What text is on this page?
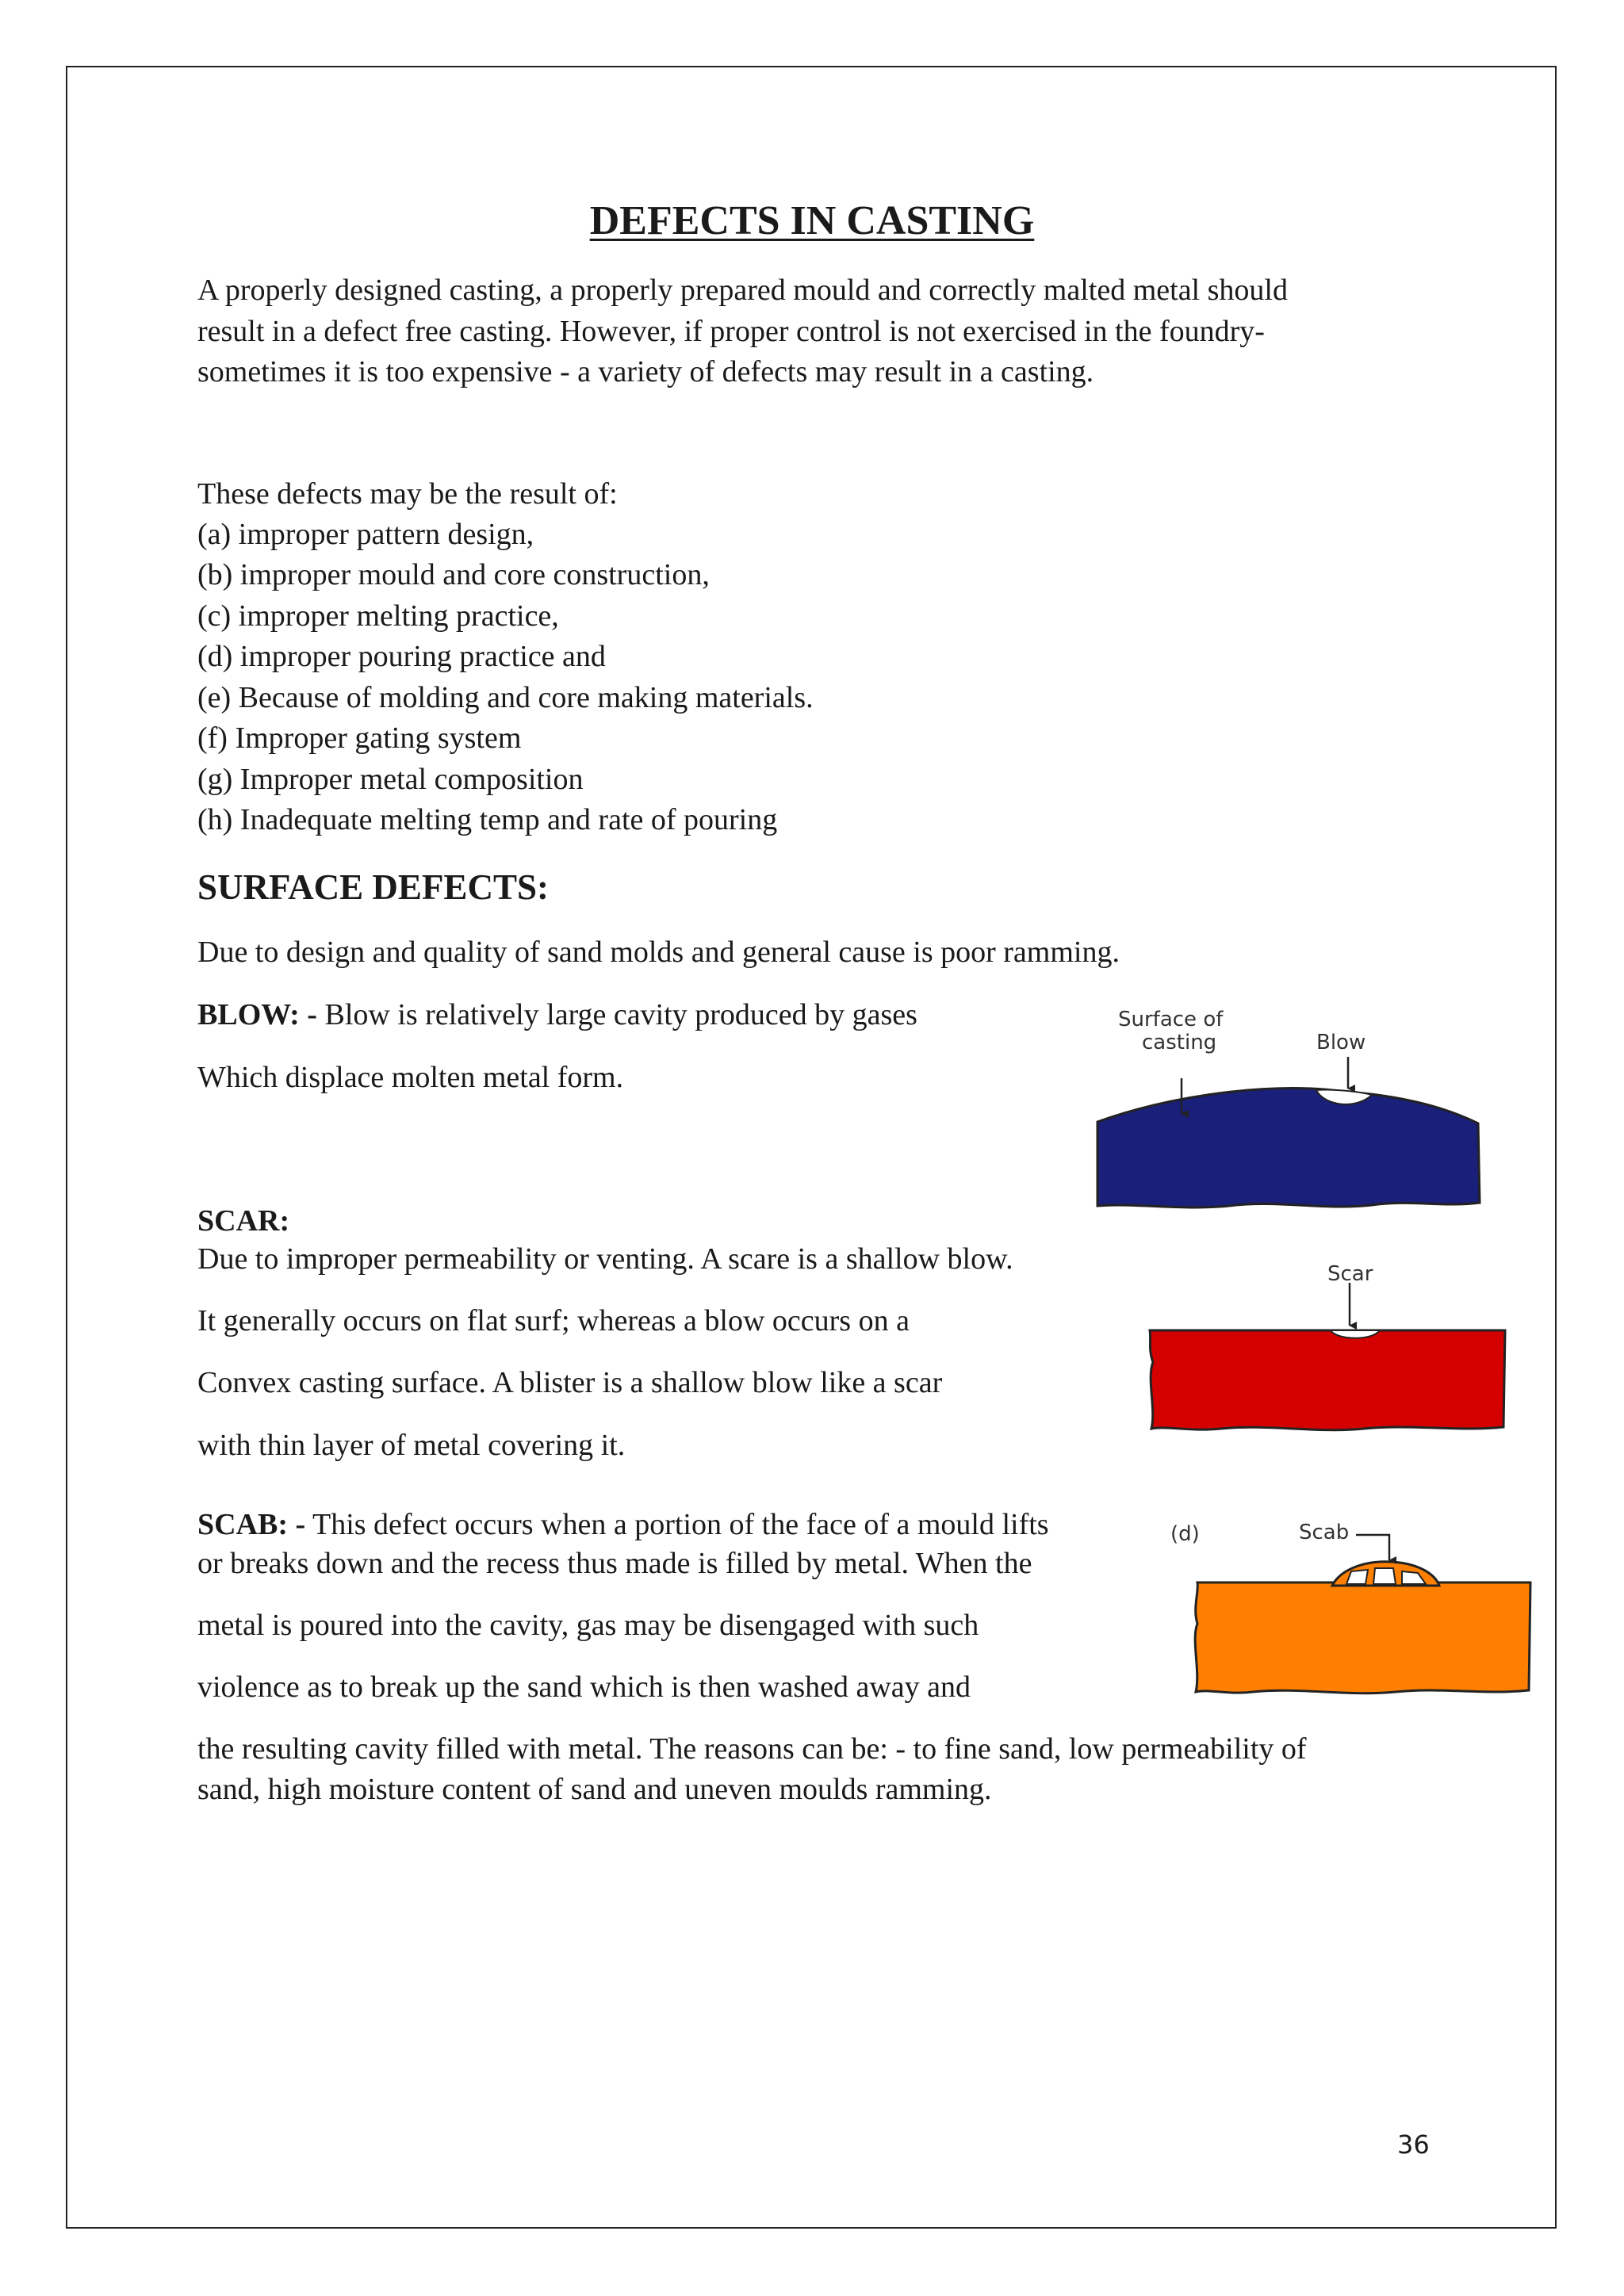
DEFECTS IN CASTING
A properly designed casting, a properly prepared mould and correctly malted metal should
result in a defect free casting. However, if proper control is not exercised in the foundry-
sometimes it is too expensive - a variety of defects may result in a casting.
These defects may be the result of:
(a) improper pattern design,
(b) improper mould and core construction,
(c) improper melting practice,
(d) improper pouring practice and
(e) Because of molding and core making materials.
(f) Improper gating system
(g) Improper metal composition
(h) Inadequate melting temp and rate of pouring
SURFACE DEFECTS:
Due to design and quality of sand molds and general cause is poor ramming.
BLOW: - Blow is relatively large cavity produced by gases
Which displace molten metal form.
Surface of
casting	Blow
SCAR:
Due to improper permeability or venting. A scare is a shallow blow.
It generally occurs on flat surf; whereas a blow occurs on a
Convex casting surface. A blister is a shallow blow like a scar
with thin layer of metal covering it.
Scar
SCAB: - This defect occurs when a portion of the face of a mould lifts
or breaks down and the recess thus made is filled by metal. When the
metal is poured into the cavity, gas may be disengaged with such
violence as to break up the sand which is then washed away and
the resulting cavity filled with metal. The reasons can be: - to fine sand, low permeability of
sand, high moisture content of sand and uneven moulds ramming.
(d)	Scab
36
